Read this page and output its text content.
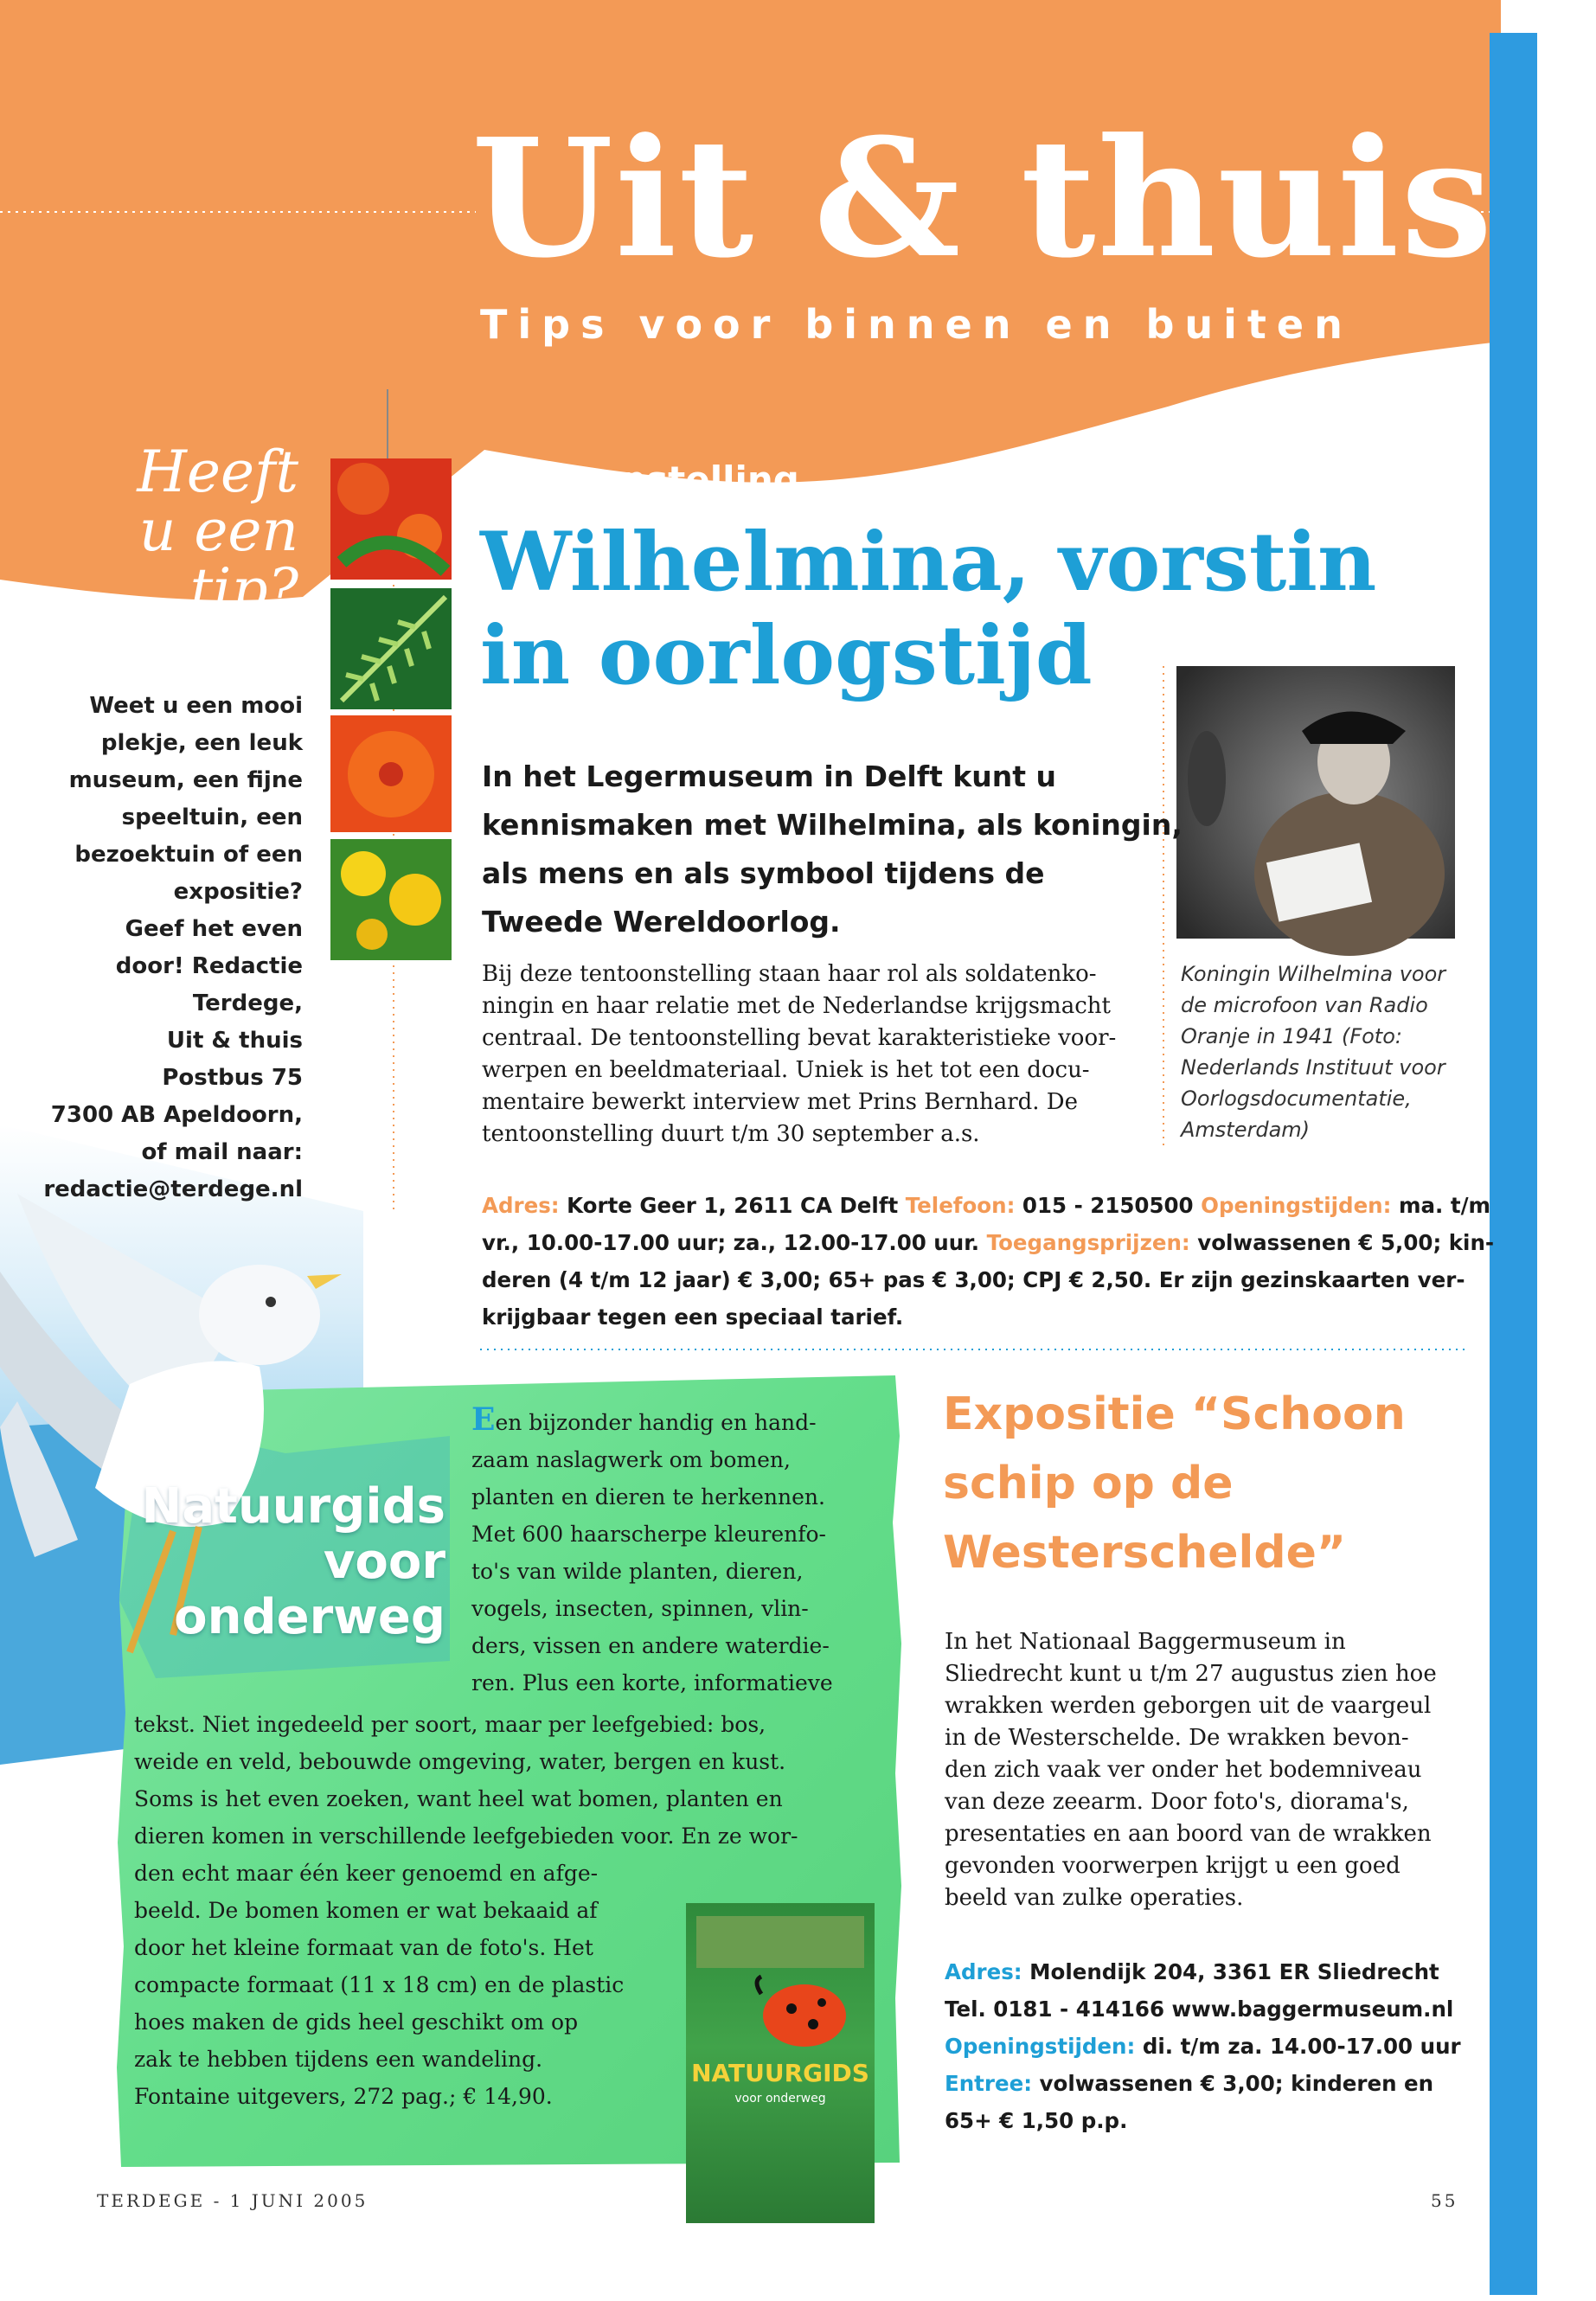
Uit & thuis
Tips voor binnen en buiten
Heeft
u een
tip?
Weet u een mooi
plekje, een leuk
museum, een fijne
speeltuin, een
bezoektuin of een
expositie?
Geef het even
door! Redactie
Terdege,
Uit & thuis
Postbus 75
7300 AB Apeldoorn,
of mail naar:
redactie@terdege.nl
Tentoonstelling
Wilhelmina, vorstin
in oorlogstijd
In het Legermuseum in Delft kunt u
kennismaken met Wilhelmina, als koningin,
als mens en als symbool tijdens de
Tweede Wereldoorlog.
Bij deze tentoonstelling staan haar rol als soldatenko-
ningin en haar relatie met de Nederlandse krijgsmacht
centraal. De tentoonstelling bevat karakteristieke voor-
werpen en beeldmateriaal. Uniek is het tot een docu-
mentaire bewerkt interview met Prins Bernhard. De
tentoonstelling duurt t/m 30 september a.s.
Koningin Wilhelmina voor
de microfoon van Radio
Oranje in 1941 (Foto:
Nederlands Instituut voor
Oorlogsdocumentatie,
Amsterdam)
Adres: Korte Geer 1, 2611 CA Delft Telefoon: 015 - 2150500 Openingstijden: ma. t/m
vr., 10.00-17.00 uur; za., 12.00-17.00 uur. Toegangsprijzen: volwassenen € 5,00; kin-
deren (4 t/m 12 jaar) € 3,00; 65+ pas € 3,00; CPJ € 2,50. Er zijn gezinskaarten ver-
krijgbaar tegen een speciaal tarief.
Natuurgids
voor
onderweg
Een bijzonder handig en hand-
zaam naslagwerk om bomen,
planten en dieren te herkennen.
Met 600 haarscherpe kleurenfo-
to's van wilde planten, dieren,
vogels, insecten, spinnen, vlin-
ders, vissen en andere waterdie-
ren. Plus een korte, informatieve
tekst. Niet ingedeeld per soort, maar per leefgebied: bos,
weide en veld, bebouwde omgeving, water, bergen en kust.
Soms is het even zoeken, want heel wat bomen, planten en
dieren komen in verschillende leefgebieden voor. En ze wor-
den echt maar één keer genoemd en afge-
beeld. De bomen komen er wat bekaaid af
door het kleine formaat van de foto's. Het
compacte formaat (11 x 18 cm) en de plastic
hoes maken de gids heel geschikt om op
zak te hebben tijdens een wandeling.
Fontaine uitgevers, 272 pag.; € 14,90.
NATUURGIDS
voor onderweg
Expositie “Schoon
schip op de
Westerschelde”
In het Nationaal Baggermuseum in
Sliedrecht kunt u t/m 27 augustus zien hoe
wrakken werden geborgen uit de vaargeul
in de Westerschelde. De wrakken bevon-
den zich vaak ver onder het bodemniveau
van deze zeearm. Door foto's, diorama's,
presentaties en aan boord van de wrakken
gevonden voorwerpen krijgt u een goed
beeld van zulke operaties.
Adres: Molendijk 204, 3361 ER Sliedrecht
Tel. 0181 - 414166 www.baggermuseum.nl
Openingstijden: di. t/m za. 14.00-17.00 uur
Entree: volwassenen € 3,00; kinderen en
65+ € 1,50 p.p.
TERDEGE - 1 JUNI 2005	55
